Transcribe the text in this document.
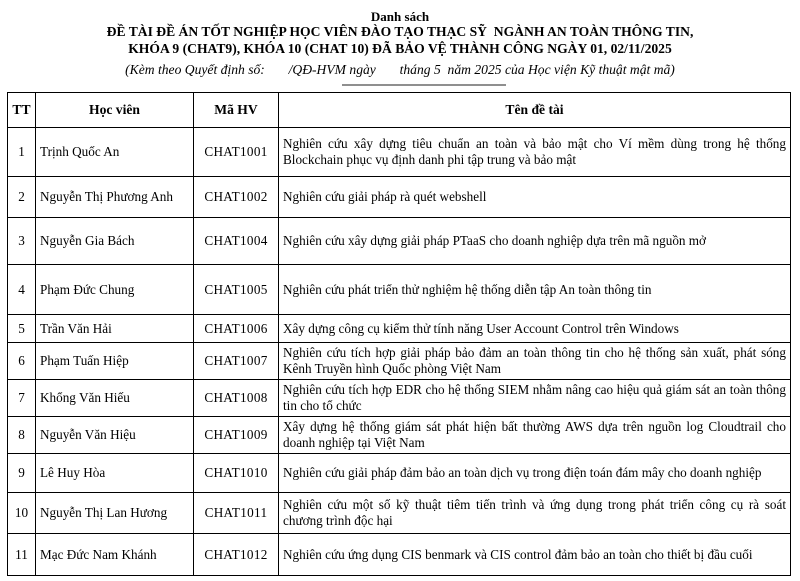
Danh sách
ĐỀ TÀI ĐỀ ÁN TỐT NGHIỆP HỌC VIÊN ĐÀO TẠO THẠC SỸ  NGÀNH AN TOÀN THÔNG TIN,
KHÓA 9 (CHAT9), KHÓA 10 (CHAT 10) ĐÃ BẢO VỆ THÀNH CÔNG NGÀY 01, 02/11/2025
(Kèm theo Quyết định số:       /QĐ-HVM ngày       tháng 5  năm 2025 của Học viện Kỹ thuật mật mã)
TT	Học viên	Mã HV	Tên đề tài
1	Trịnh Quốc An	CHAT1001	Nghiên cứu xây dựng tiêu chuẩn an toàn và bảo mật cho Ví mềm dùng trong hệ thống Blockchain phục vụ định danh phi tập trung và bảo mật
2	Nguyễn Thị Phương Anh	CHAT1002	Nghiên cứu giải pháp rà quét webshell
3	Nguyễn Gia Bách	CHAT1004	Nghiên cứu xây dựng giải pháp PTaaS cho doanh nghiệp dựa trên mã nguồn mở
4	Phạm Đức Chung	CHAT1005	Nghiên cứu phát triển thử nghiệm hệ thống diễn tập An toàn thông tin
5	Trần Văn Hải	CHAT1006	Xây dựng công cụ kiểm thử tính năng User Account Control trên Windows
6	Phạm Tuấn Hiệp	CHAT1007	Nghiên cứu tích hợp giải pháp bảo đảm an toàn thông tin cho hệ thống sản xuất, phát sóng Kênh Truyền hình Quốc phòng Việt Nam
7	Khổng Văn Hiếu	CHAT1008	Nghiên cứu tích hợp EDR cho hệ thống SIEM nhằm nâng cao hiệu quả giám sát an toàn thông tin cho tổ chức
8	Nguyễn Văn Hiệu	CHAT1009	Xây dựng hệ thống giám sát phát hiện bất thường AWS dựa trên nguồn log Cloudtrail cho doanh nghiệp tại Việt Nam
9	Lê Huy Hòa	CHAT1010	Nghiên cứu giải pháp đảm bảo an toàn dịch vụ trong điện toán đám mây cho doanh nghiệp
10	Nguyễn Thị Lan Hương	CHAT1011	Nghiên cứu một số kỹ thuật tiêm tiến trình và ứng dụng trong phát triển công cụ rà soát chương trình độc hại
11	Mạc Đức Nam Khánh	CHAT1012	Nghiên cứu ứng dụng CIS benmark và CIS control đảm bảo an toàn cho thiết bị đầu cuối
